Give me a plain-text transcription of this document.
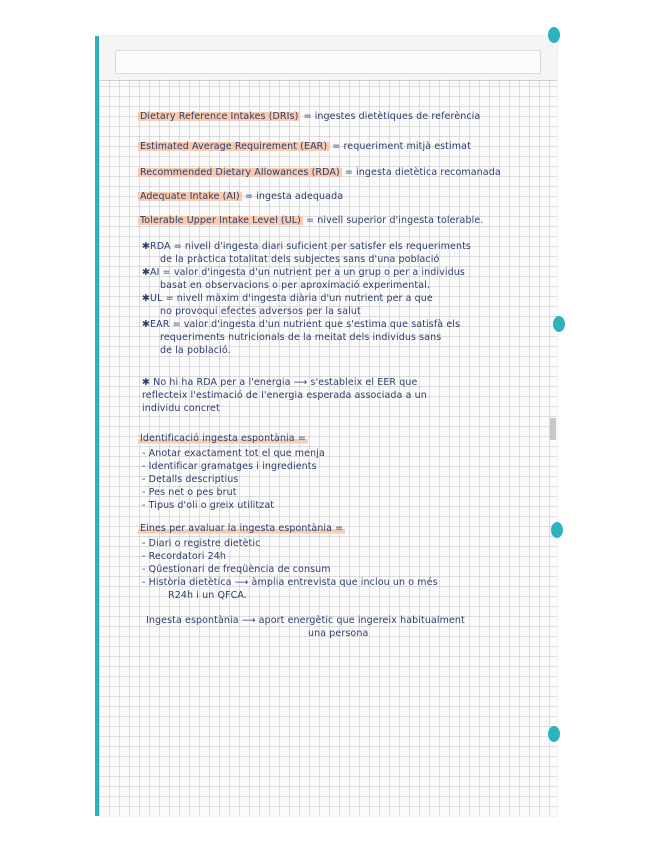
Dietary Reference Intakes (DRIs) = ingestes dietètiques de referència
Estimated Average Requirement (EAR) = requeriment mitjà estimat
Recommended Dietary Allowances (RDA) = ingesta dietètica recomanada
Adequate Intake (AI) = ingesta adequada
Tolerable Upper Intake Level (UL) = nivell superior d'ingesta tolerable.
✱RDA = nivell d'ingesta diari suficient per satisfer els requeriments
de la pràctica totalitat dels subjectes sans d'una població
✱AI = valor d'ingesta d'un nutrient per a un grup o per a individus
basat en observacions o per aproximació experimental.
✱UL = nivell màxim d'ingesta diària d'un nutrient per a que
no provoqui efectes adversos per la salut
✱EAR = valor d'ingesta d'un nutrient que s'estima que satisfà els
requeriments nutricionals de la meitat dels individus sans
de la població.
✱ No hi ha RDA per a l'energia ⟶ s'estableix el EER que
reflecteix l'estimació de l'energia esperada associada a un
individu concret
Identificació ingesta espontània =
- Anotar exactament tot el que menja
- Identificar gramatges i ingredients
- Detalls descriptius
- Pes net o pes brut
- Tipus d'oli o greix utilitzat
Eines per avaluar la ingesta espontània =
- Diari o registre dietètic
- Recordatori 24h
- Qüestionari de freqüència de consum
- Història dietètica ⟶ àmplia entrevista que inclou un o més
R24h i un QFCA.
Ingesta espontània ⟶ aport energètic que ingereix habitualment
una persona
